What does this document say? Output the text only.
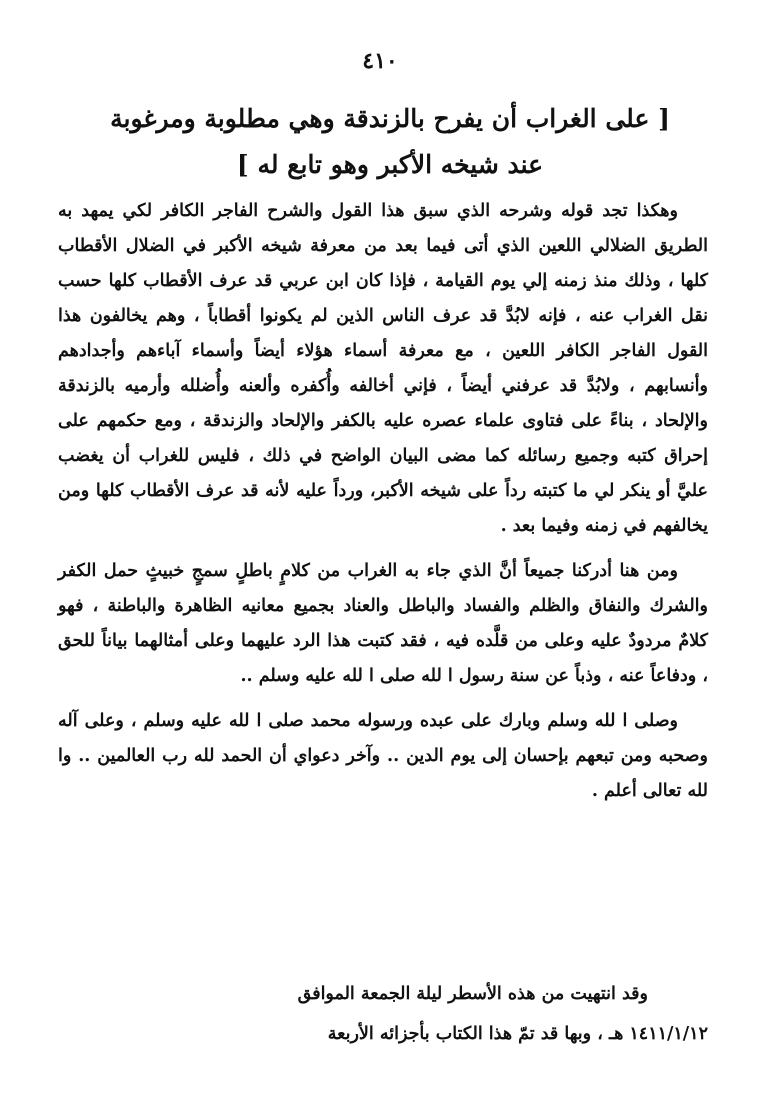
٤١٠
[ على الغراب أن يفرح بالزندقة وهي مطلوبة ومرغوبة عند شيخه الأكبر وهو تابع له ]

وهكذا تجد قوله وشرحه الذي سبق هذا القول والشرح الفاجر الكافر لكي يمهد به الطريق الضلالي اللعين الذي أتى فيما بعد من معرفة شيخه الأكبر في الضلال الأقطاب كلها ، وذلك منذ زمنه إلي يوم القيامة ، فإذا كان ابن عربي قد عرف الأقطاب كلها حسب نقل الغراب عنه ، فإنه لابُدَّ قد عرف الناس الذين لم يكونوا أقطاباً ، وهم يخالفون هذا القول الفاجر الكافر اللعين ، مع معرفة أسماء هؤلاء أيضاً وأسماء آباءهم وأجدادهم وأنسابهم ، ولابُدَّ قد عرفني أيضاً ، فإني أخالفه وأُكفره وألعنه وأُضلله وأرميه بالزندقة والإلحاد ، بناءً على فتاوى علماء عصره عليه بالكفر والإلحاد والزندقة ، ومع حكمهم على إحراق كتبه وجميع رسائله كما مضى البيان الواضح في ذلك ، فليس للغراب أن يغضب عليَّ أو ينكر لي ما كتبته رداً على شيخه الأكبر، ورداً عليه لأنه قد عرف الأقطاب كلها ومن يخالفهم في زمنه وفيما بعد .

ومن هنا أدركنا جميعاً أنَّ الذي جاء به الغراب من كلامٍ باطلٍ سمجٍ خبيثٍ حمل الكفر والشرك والنفاق والظلم والفساد والباطل والعناد بجميع معانيه الظاهرة والباطنة ، فهو كلامٌ مردودٌ عليه وعلى من قلَّده فيه ، فقد كتبت هذا الرد عليهما وعلى أمثالهما بياناً للحق ، ودفاعاً عنه ، وذباً عن سنة رسول ا لله صلى ا لله عليه وسلم ..

وصلى ا لله وسلم وبارك على عبده ورسوله محمد صلى ا لله عليه وسلم ، وعلى آله وصحبه ومن تبعهم بإحسان إلى يوم الدين .. وآخر دعواي أن الحمد لله رب العالمين .. وا لله تعالى أعلم .

وقد انتهيت من هذه الأسطر ليلة الجمعة الموافق
١٤١١/١/١٢ هـ ، وبها قد تمّ هذا الكتاب بأجزائه الأربعة
